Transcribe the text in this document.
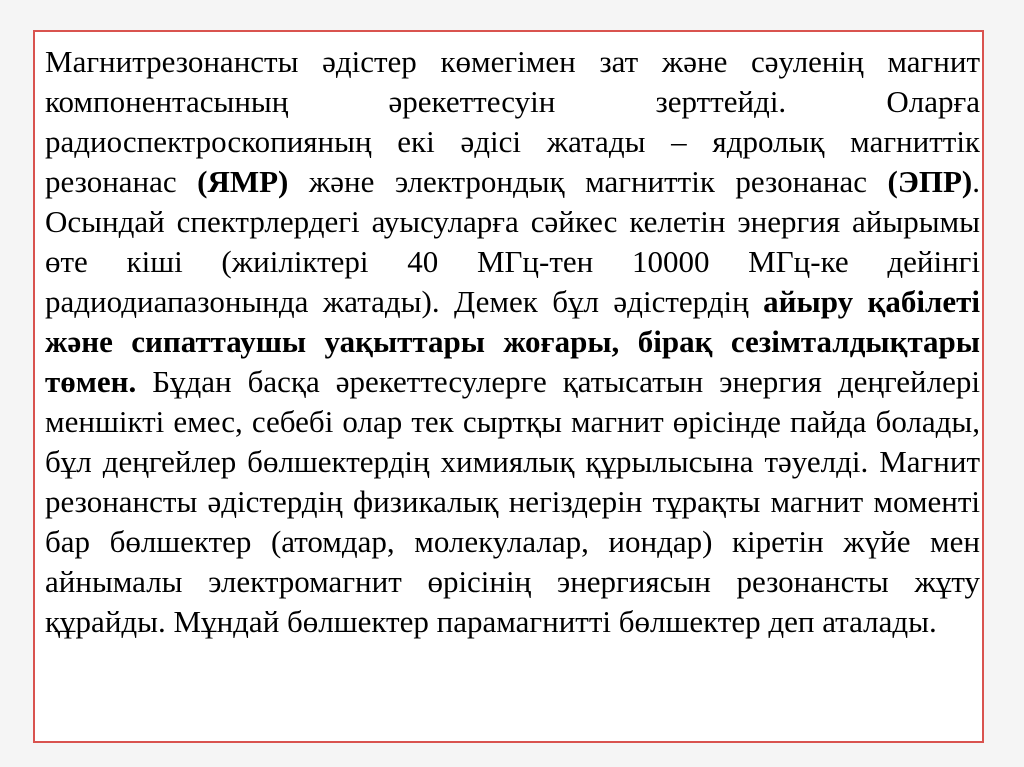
Магнитрезонансты әдістер көмегімен зат және сәуленің магнит компонентасының әрекеттесуін зерттейді. Оларға радиоспектроскопияның екі әдісі жатады – ядролық магниттік резонанас (ЯМР) және электрондық магниттік резонанас (ЭПР). Осындай спектрлердегі ауысуларға сәйкес келетін энергия айырымы өте кіші (жиіліктері 40 МГц-тен 10000 МГц-ке дейінгі радиодиапазонында жатады). Демек бұл әдістердің айыру қабілеті және сипаттаушы уақыттары жоғары, бірақ сезімталдықтары төмен. Бұдан басқа әрекеттесулерге қатысатын энергия деңгейлері меншікті емес, себебі олар тек сыртқы магнит өрісінде пайда болады, бұл деңгейлер бөлшектердің химиялық құрылысына тәуелді. Магнит резонансты әдістердің физикалық негіздерін тұрақты магнит моменті бар бөлшектер (атомдар, молекулалар, иондар) кіретін жүйе мен айнымалы электромагнит өрісінің энергиясын резонансты жұту құрайды. Мұндай бөлшектер парамагнитті бөлшектер деп аталады.
